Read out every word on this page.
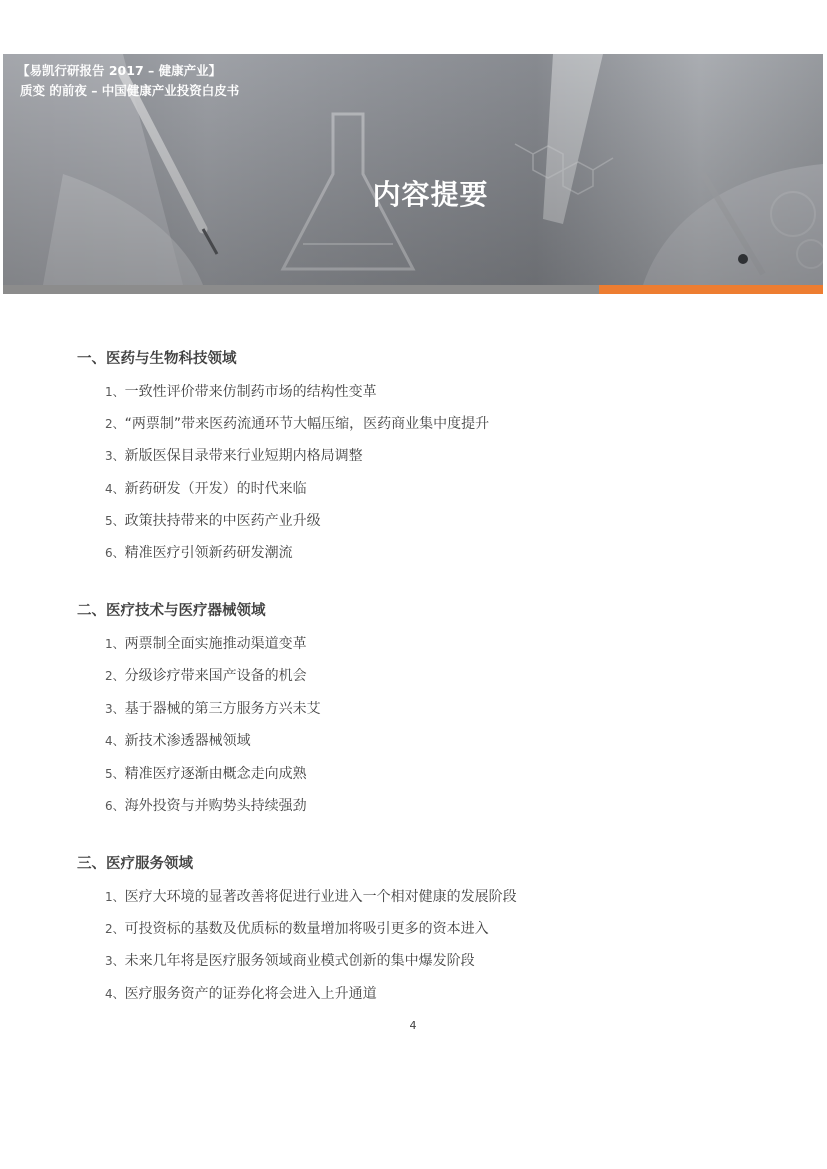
【易凯行研报告 2017 – 健康产业】
质变 的前夜 – 中国健康产业投资白皮书
内容提要
一、医药与生物科技领域
1、一致性评价带来仿制药市场的结构性变革
2、“两票制”带来医药流通环节大幅压缩，医药商业集中度提升
3、新版医保目录带来行业短期内格局调整
4、新药研发（开发）的时代来临
5、政策扶持带来的中医药产业升级
6、精准医疗引领新药研发潮流
二、医疗技术与医疗器械领域
1、两票制全面实施推动渠道变革
2、分级诊疗带来国产设备的机会
3、基于器械的第三方服务方兴未艾
4、新技术渗透器械领域
5、精准医疗逐渐由概念走向成熟
6、海外投资与并购势头持续强劲
三、医疗服务领域
1、医疗大环境的显著改善将促进行业进入一个相对健康的发展阶段
2、可投资标的基数及优质标的数量增加将吸引更多的资本进入
3、未来几年将是医疗服务领域商业模式创新的集中爆发阶段
4、医疗服务资产的证券化将会进入上升通道
4
